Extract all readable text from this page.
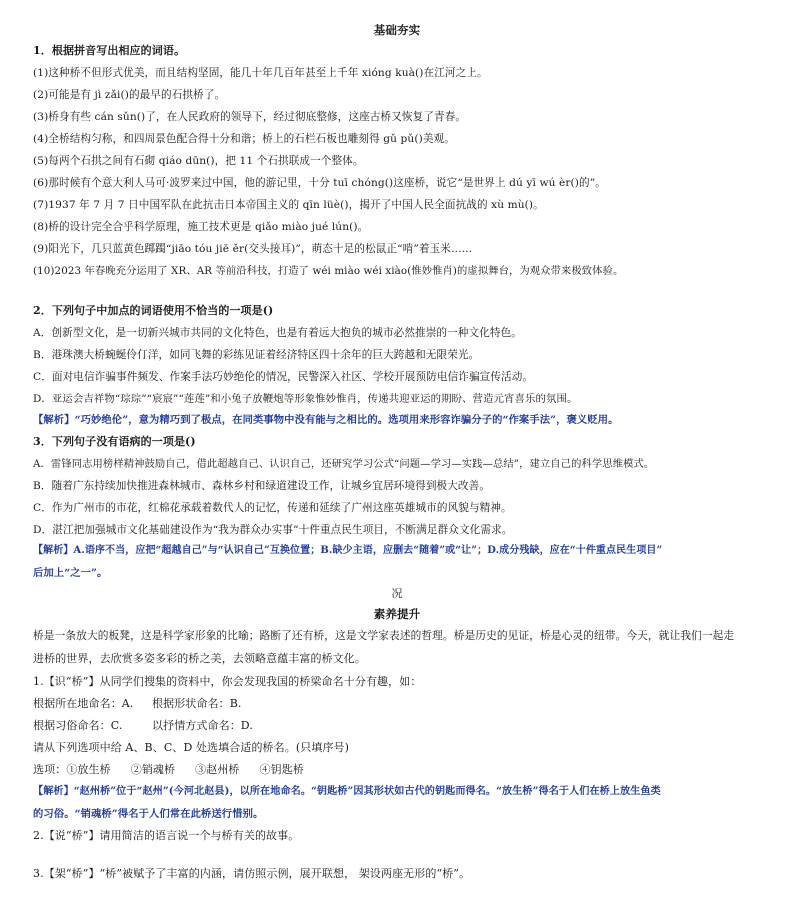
基础夯实
1．根据拼音写出相应的词语。
(1)这种桥不但形式优美，而且结构坚固，能几十年几百年甚至上千年 xióng kuà()在江河之上。
(2)可能是有 jì zǎi()的最早的石拱桥了。
(3)桥身有些 cán sǔn()了，在人民政府的领导下，经过彻底整修，这座古桥又恢复了青春。
(4)全桥结构匀称，和四周景色配合得十分和谐；桥上的石栏石板也雕刻得 gǔ pǔ()美观。
(5)每两个石拱之间有石砌 qiáo dūn()，把 11 个石拱联成一个整体。
(6)那时候有个意大利人马可·波罗来过中国，他的游记里，十分 tuī chóng()这座桥，说它“是世界上 dú yī wú èr()的”。
(7)1937 年 7 月 7 日中国军队在此抗击日本帝国主义的 qīn lüè()，揭开了中国人民全面抗战的 xù mù()。
(8)桥的设计完全合乎科学原理，施工技术更是 qiǎo miào jué lún()。
(9)阳光下，几只蓝黄色踯躅“jiāo tóu jiē ěr(交头接耳)”，萌态十足的松鼠正“啃”着玉米……
(10)2023 年春晚充分运用了 XR、AR 等前沿科技，打造了 wéi miào wéi xiào(惟妙惟肖)的虚拟舞台，为观众带来极致体验。
2．下列句子中加点的词语使用不恰当的一项是()
A．创新型文化，是一切新兴城市共同的文化特色，也是有着远大抱负的城市必然推崇的一种文化特色。
B．港珠澳大桥蜿蜒伶仃洋，如同飞舞的彩练见证着经济特区四十余年的巨大跨越和无限荣光。
C．面对电信诈骗事件频发、作案手法巧妙绝伦的情况，民警深入社区、学校开展预防电信诈骗宣传活动。
D．亚运会吉祥物“琮琮”“宸宸”“莲莲”和小兔子放鞭炮等形象惟妙惟肖，传递共迎亚运的期盼、营造元宵喜乐的氛围。
【解析】“巧妙绝伦”，意为精巧到了极点，在同类事物中没有能与之相比的。选项用来形容诈骗分子的“作案手法”，褒义贬用。
3．下列句子没有语病的一项是()
A．雷锋同志用榜样精神鼓励自己，借此超越自己、认识自己，还研究学习公式“问题—学习—实践—总结”，建立自己的科学思维模式。
B．随着广东持续加快推进森林城市、森林乡村和绿道建设工作，让城乡宜居环境得到极大改善。
C．作为广州市的市花，红棉花承载着数代人的记忆，传递和延续了广州这座英雄城市的风貌与精神。
D．湛江把加强城市文化基础建设作为“我为群众办实事”十件重点民生项目，不断满足群众文化需求。
【解析】A.语序不当，应把“超越自己”与“认识自己”互换位置；B.缺少主语，应删去“随着”或“让”；D.成分残缺，应在“十件重点民生项目”
后加上“之一”。
况
素养提升
桥是一条放大的板凳，这是科学家形象的比喻；路断了还有桥，这是文学家表述的哲理。桥是历史的见证，桥是心灵的纽带。今天，就让我们一起走
进桥的世界，去欣赏多姿多彩的桥之美，去领略意蕴丰富的桥文化。
1.【识“桥”】从同学们搜集的资料中，你会发现我国的桥梁命名十分有趣，如：
根据所在地命名：A. 根据形状命名：B.
根据习俗命名：C.	以抒情方式命名：D.
请从下列选项中给 A、B、C、D 处选填合适的桥名。(只填序号)
选项：①放生桥 ②销魂桥 ③赵州桥 ④钥匙桥
【解析】“赵州桥”位于“赵州”(今河北赵县)，以所在地命名。“钥匙桥”因其形状如古代的钥匙而得名。“放生桥”得名于人们在桥上放生鱼类
的习俗。“销魂桥”得名于人们常在此桥送行惜别。
2.【说“桥”】请用简洁的语言说一个与桥有关的故事。
3.【架“桥”】“桥”被赋予了丰富的内涵，请仿照示例，展开联想， 架设两座无形的“桥”。
